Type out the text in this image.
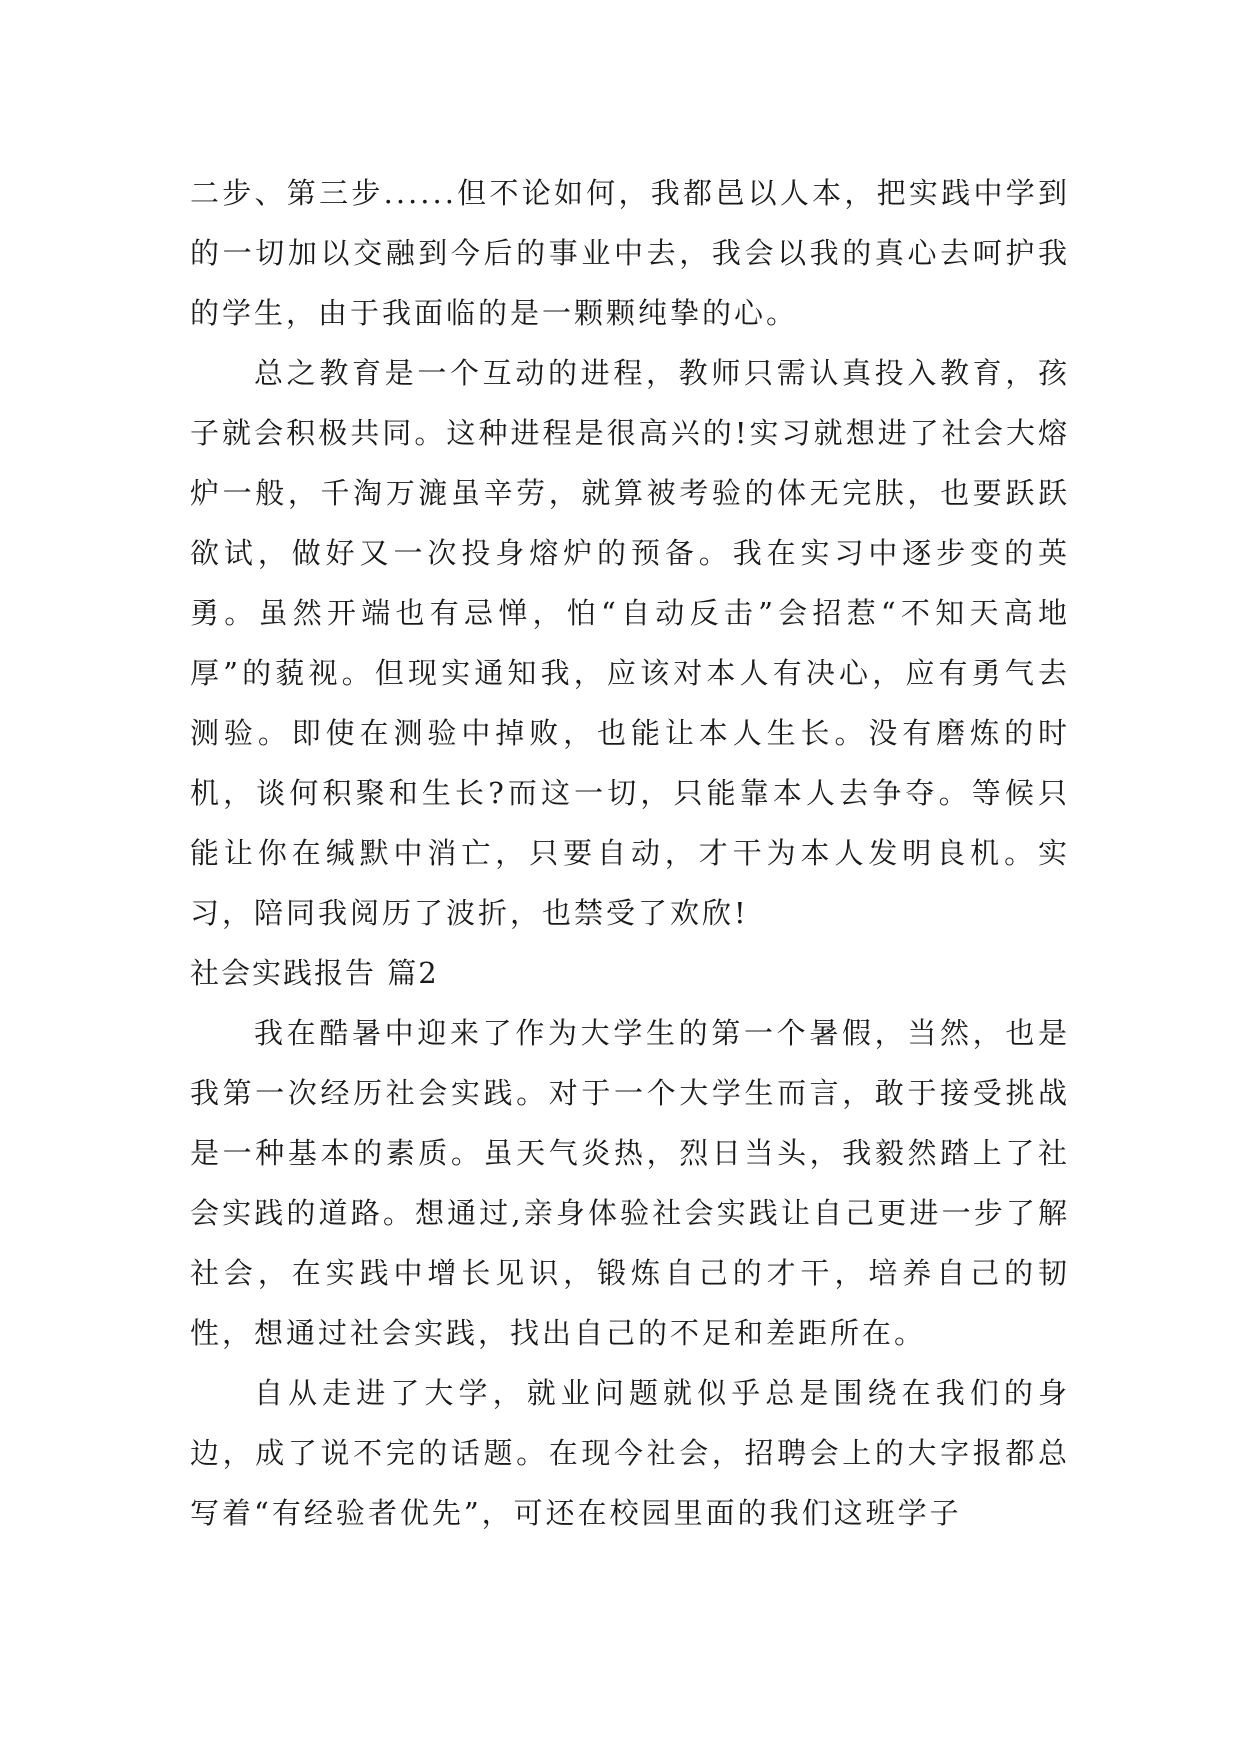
二步、第三步......但不论如何，我都邑以人本，把实践中学到的一切加以交融到今后的事业中去，我会以我的真心去呵护我的学生，由于我面临的是一颗颗纯挚的心。

总之教育是一个互动的进程，教师只需认真投入教育，孩子就会积极共同。这种进程是很高兴的!实习就想进了社会大熔炉一般，千淘万漉虽辛劳，就算被考验的体无完肤，也要跃跃欲试，做好又一次投身熔炉的预备。我在实习中逐步变的英勇。虽然开端也有忌惮，怕“自动反击”会招惹“不知天高地厚”的藐视。但现实通知我，应该对本人有决心，应有勇气去测验。即使在测验中掉败，也能让本人生长。没有磨炼的时机，谈何积聚和生长?而这一切，只能靠本人去争夺。等候只能让你在缄默中消亡，只要自动，才干为本人发明良机。实习，陪同我阅历了波折，也禁受了欢欣!

社会实践报告 篇2

我在酷暑中迎来了作为大学生的第一个暑假，当然，也是我第一次经历社会实践。对于一个大学生而言，敢于接受挑战是一种基本的素质。虽天气炎热，烈日当头，我毅然踏上了社会实践的道路。想通过,亲身体验社会实践让自己更进一步了解社会，在实践中增长见识，锻炼自己的才干，培养自己的韧性，想通过社会实践，找出自己的不足和差距所在。

自从走进了大学，就业问题就似乎总是围绕在我们的身边，成了说不完的话题。在现今社会，招聘会上的大字报都总写着“有经验者优先”，可还在校园里面的我们这班学子
